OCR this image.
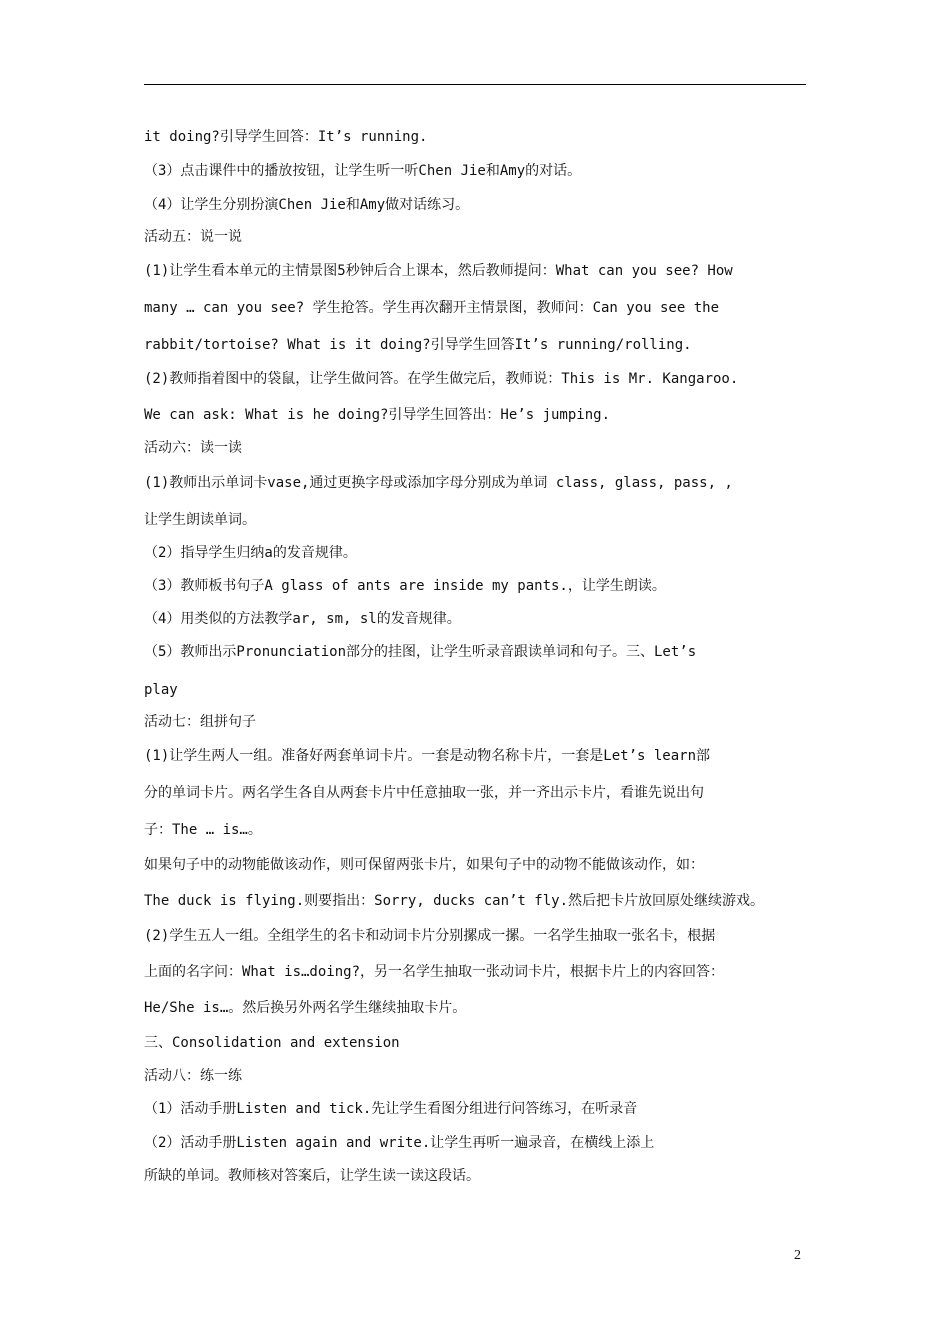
it doing?引导学生回答：It’s running.

（3）点击课件中的播放按钮，让学生听一听Chen Jie和Amy的对话。

（4）让学生分别扮演Chen Jie和Amy做对话练习。

活动五：说一说

(1)让学生看本单元的主情景图5秒钟后合上课本，然后教师提问：What can you see? How

many … can you see? 学生抢答。学生再次翻开主情景图，教师问：Can you see the

rabbit/tortoise? What is it doing?引导学生回答It’s running/rolling.

(2)教师指着图中的袋鼠，让学生做问答。在学生做完后，教师说：This is Mr. Kangaroo.

We can ask: What is he doing?引导学生回答出：He’s jumping.

活动六：读一读

(1)教师出示单词卡vase,通过更换字母或添加字母分别成为单词 class, glass, pass, ,

让学生朗读单词。

（2）指导学生归纳a的发音规律。

（3）教师板书句子A glass of ants are inside my pants.，让学生朗读。

（4）用类似的方法教学ar, sm, sl的发音规律。

（5）教师出示Pronunciation部分的挂图，让学生听录音跟读单词和句子。三、Let’s

play

活动七：组拼句子

(1)让学生两人一组。准备好两套单词卡片。一套是动物名称卡片，一套是Let’s learn部

分的单词卡片。两名学生各自从两套卡片中任意抽取一张，并一齐出示卡片，看谁先说出句

子：The … is…。

如果句子中的动物能做该动作，则可保留两张卡片，如果句子中的动物不能做该动作，如：

The duck is flying.则要指出：Sorry, ducks can’t fly.然后把卡片放回原处继续游戏。

(2)学生五人一组。全组学生的名卡和动词卡片分别摞成一摞。一名学生抽取一张名卡，根据

上面的名字问：What is…doing?，另一名学生抽取一张动词卡片，根据卡片上的内容回答：

He/She is…。然后换另外两名学生继续抽取卡片。

三、Consolidation and extension

活动八：练一练

（1）活动手册Listen and tick.先让学生看图分组进行问答练习，在听录音

（2）活动手册Listen again and write.让学生再听一遍录音，在横线上添上

所缺的单词。教师核对答案后，让学生读一读这段话。

2
